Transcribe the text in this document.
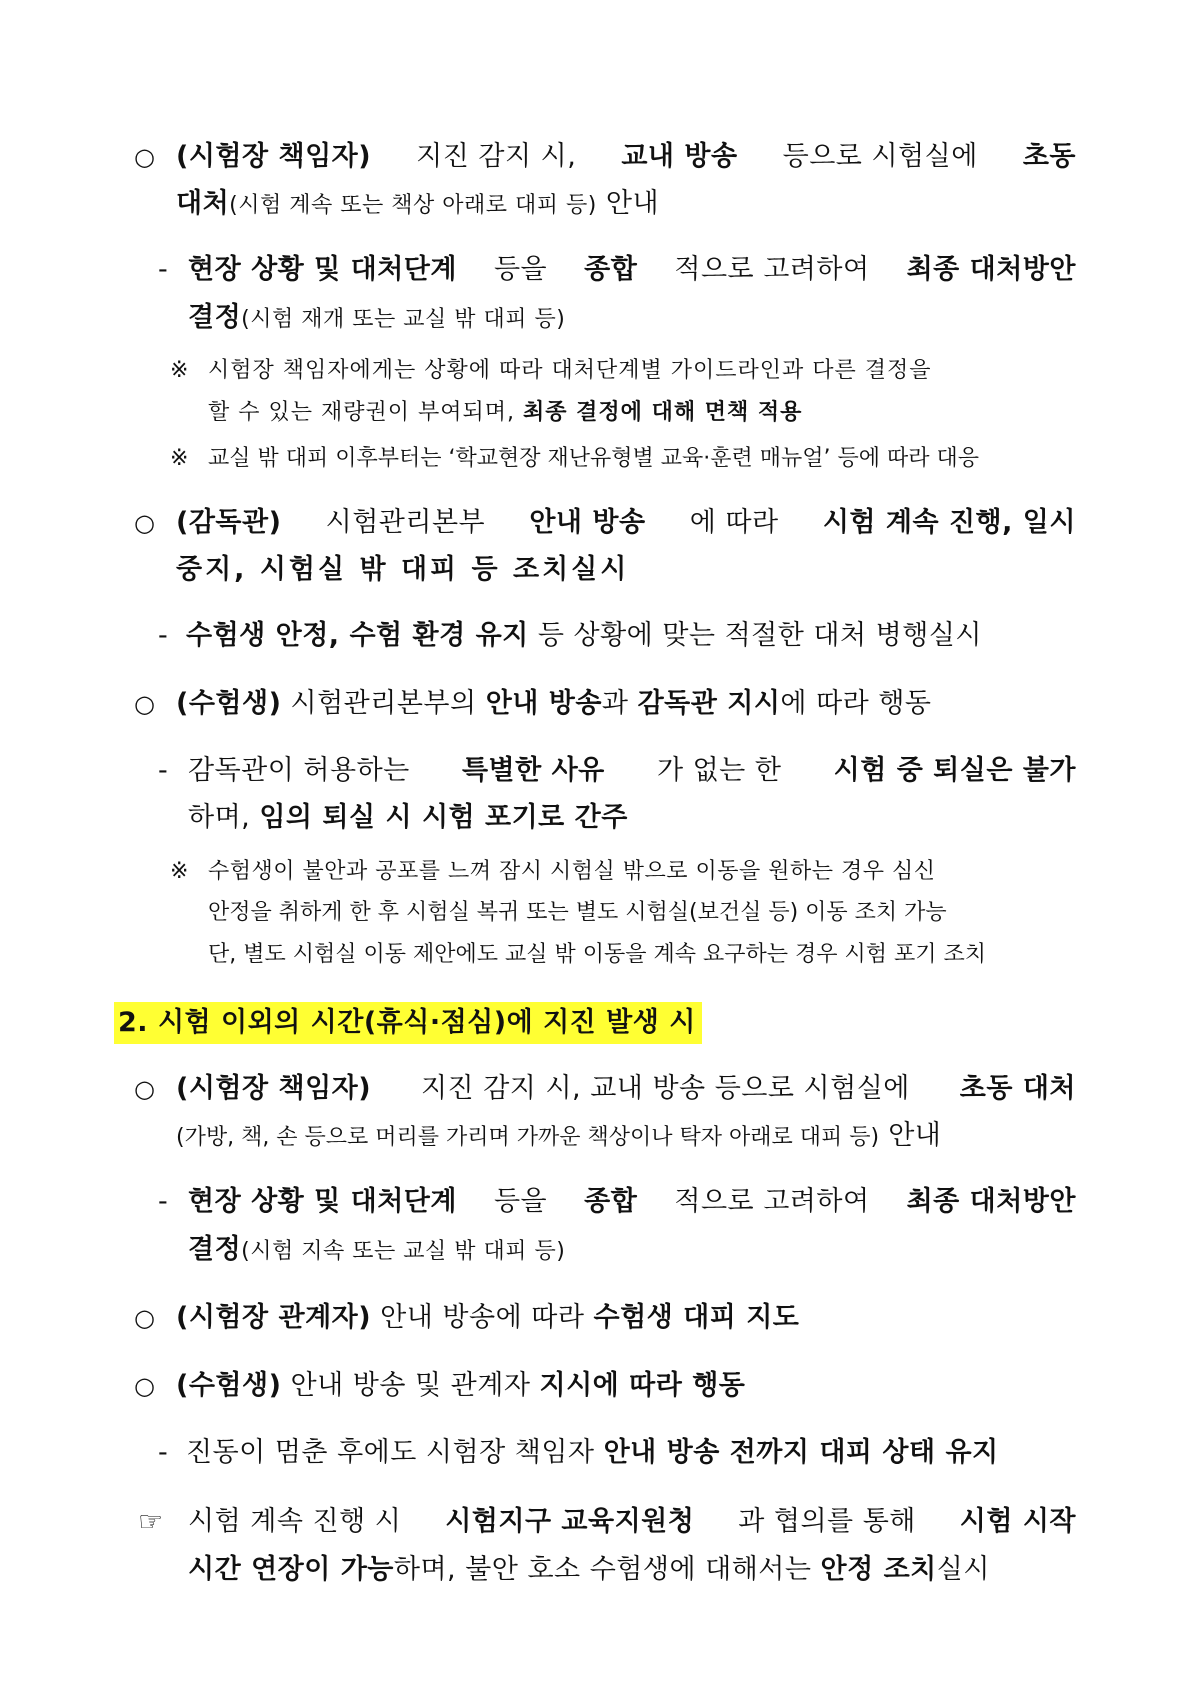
○ (시험장 책임자) 지진 감지 시, 교내 방송 등으로 시험실에 초동
대처(시험 계속 또는 책상 아래로 대피 등) 안내
- 현장 상황 및 대처단계 등을 종합 적으로 고려하여 최종 대처방안
결정(시험 재개 또는 교실 밖 대피 등)
※ 시험장 책임자에게는 상황에 따라 대처단계별 가이드라인과 다른 결정을
할 수 있는 재량권이 부여되며, 최종 결정에 대해 면책 적용
※ 교실 밖 대피 이후부터는 ‘학교현장 재난유형별 교육·훈련 매뉴얼’ 등에 따라 대응
○ (감독관) 시험관리본부 안내 방송 에 따라 시험 계속 진행, 일시
중지, 시험실 밖 대피 등 조치실시
- 수험생 안정, 수험 환경 유지 등 상황에 맞는 적절한 대처 병행실시
○ (수험생) 시험관리본부의 안내 방송과 감독관 지시에 따라 행동
- 감독관이 허용하는 특별한 사유 가 없는 한 시험 중 퇴실은 불가
하며, 임의 퇴실 시 시험 포기로 간주
※ 수험생이 불안과 공포를 느껴 잠시 시험실 밖으로 이동을 원하는 경우 심신
안정을 취하게 한 후 시험실 복귀 또는 별도 시험실(보건실 등) 이동 조치 가능
단, 별도 시험실 이동 제안에도 교실 밖 이동을 계속 요구하는 경우 시험 포기 조치
2. 시험 이외의 시간(휴식·점심)에 지진 발생 시
○ (시험장 책임자) 지진 감지 시, 교내 방송 등으로 시험실에 초동 대처
(가방, 책, 손 등으로 머리를 가리며 가까운 책상이나 탁자 아래로 대피 등) 안내
- 현장 상황 및 대처단계 등을 종합 적으로 고려하여 최종 대처방안
결정(시험 지속 또는 교실 밖 대피 등)
○ (시험장 관계자) 안내 방송에 따라 수험생 대피 지도
○ (수험생) 안내 방송 및 관계자 지시에 따라 행동
- 진동이 멈춘 후에도 시험장 책임자 안내 방송 전까지 대피 상태 유지
☞ 시험 계속 진행 시 시험지구 교육지원청 과 협의를 통해 시험 시작
시간 연장이 가능하며, 불안 호소 수험생에 대해서는 안정 조치실시
